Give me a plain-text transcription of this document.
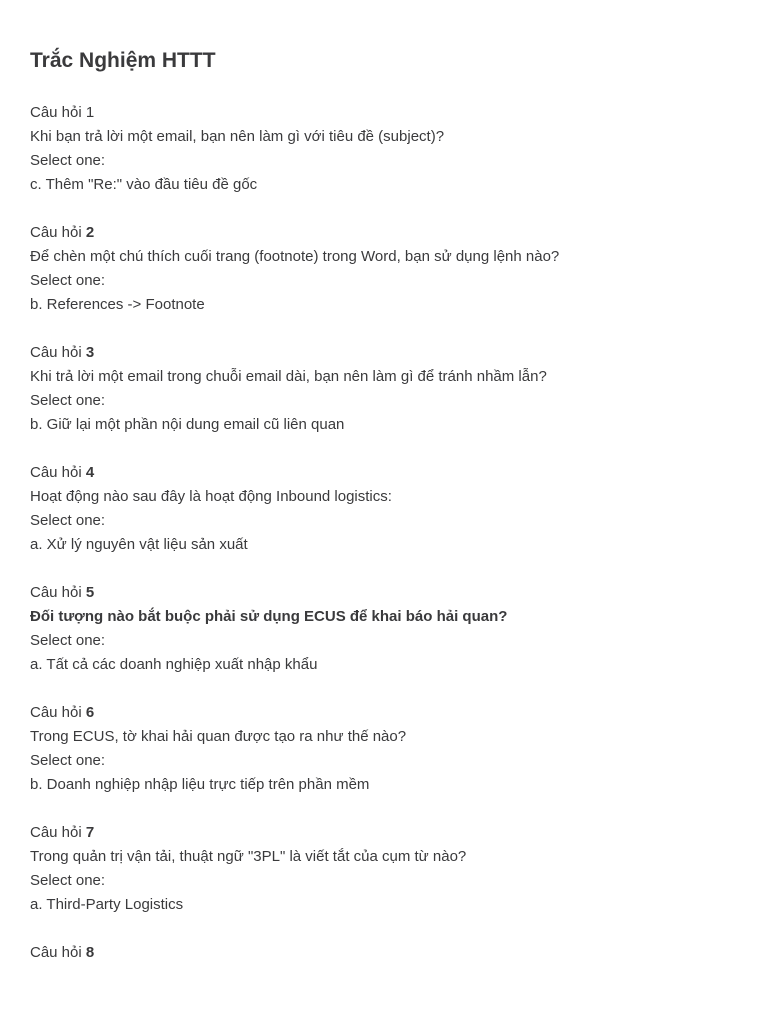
Trắc Nghiệm HTTT
Câu hỏi 1
Khi bạn trả lời một email, bạn nên làm gì với tiêu đề (subject)?
Select one:
c. Thêm "Re:" vào đầu tiêu đề gốc
Câu hỏi 2
Để chèn một chú thích cuối trang (footnote) trong Word, bạn sử dụng lệnh nào?
Select one:
b. References -> Footnote
Câu hỏi 3
Khi trả lời một email trong chuỗi email dài, bạn nên làm gì để tránh nhầm lẫn?
Select one:
b. Giữ lại một phần nội dung email cũ liên quan
Câu hỏi 4
Hoạt động nào sau đây là hoạt động Inbound logistics:
Select one:
a. Xử lý nguyên vật liệu sản xuất
Câu hỏi 5
Đối tượng nào bắt buộc phải sử dụng ECUS để khai báo hải quan?
Select one:
a. Tất cả các doanh nghiệp xuất nhập khẩu
Câu hỏi 6
Trong ECUS, tờ khai hải quan được tạo ra như thế nào?
Select one:
b. Doanh nghiệp nhập liệu trực tiếp trên phần mềm
Câu hỏi 7
Trong quản trị vận tải, thuật ngữ "3PL" là viết tắt của cụm từ nào?
Select one:
a. Third-Party Logistics
Câu hỏi 8
